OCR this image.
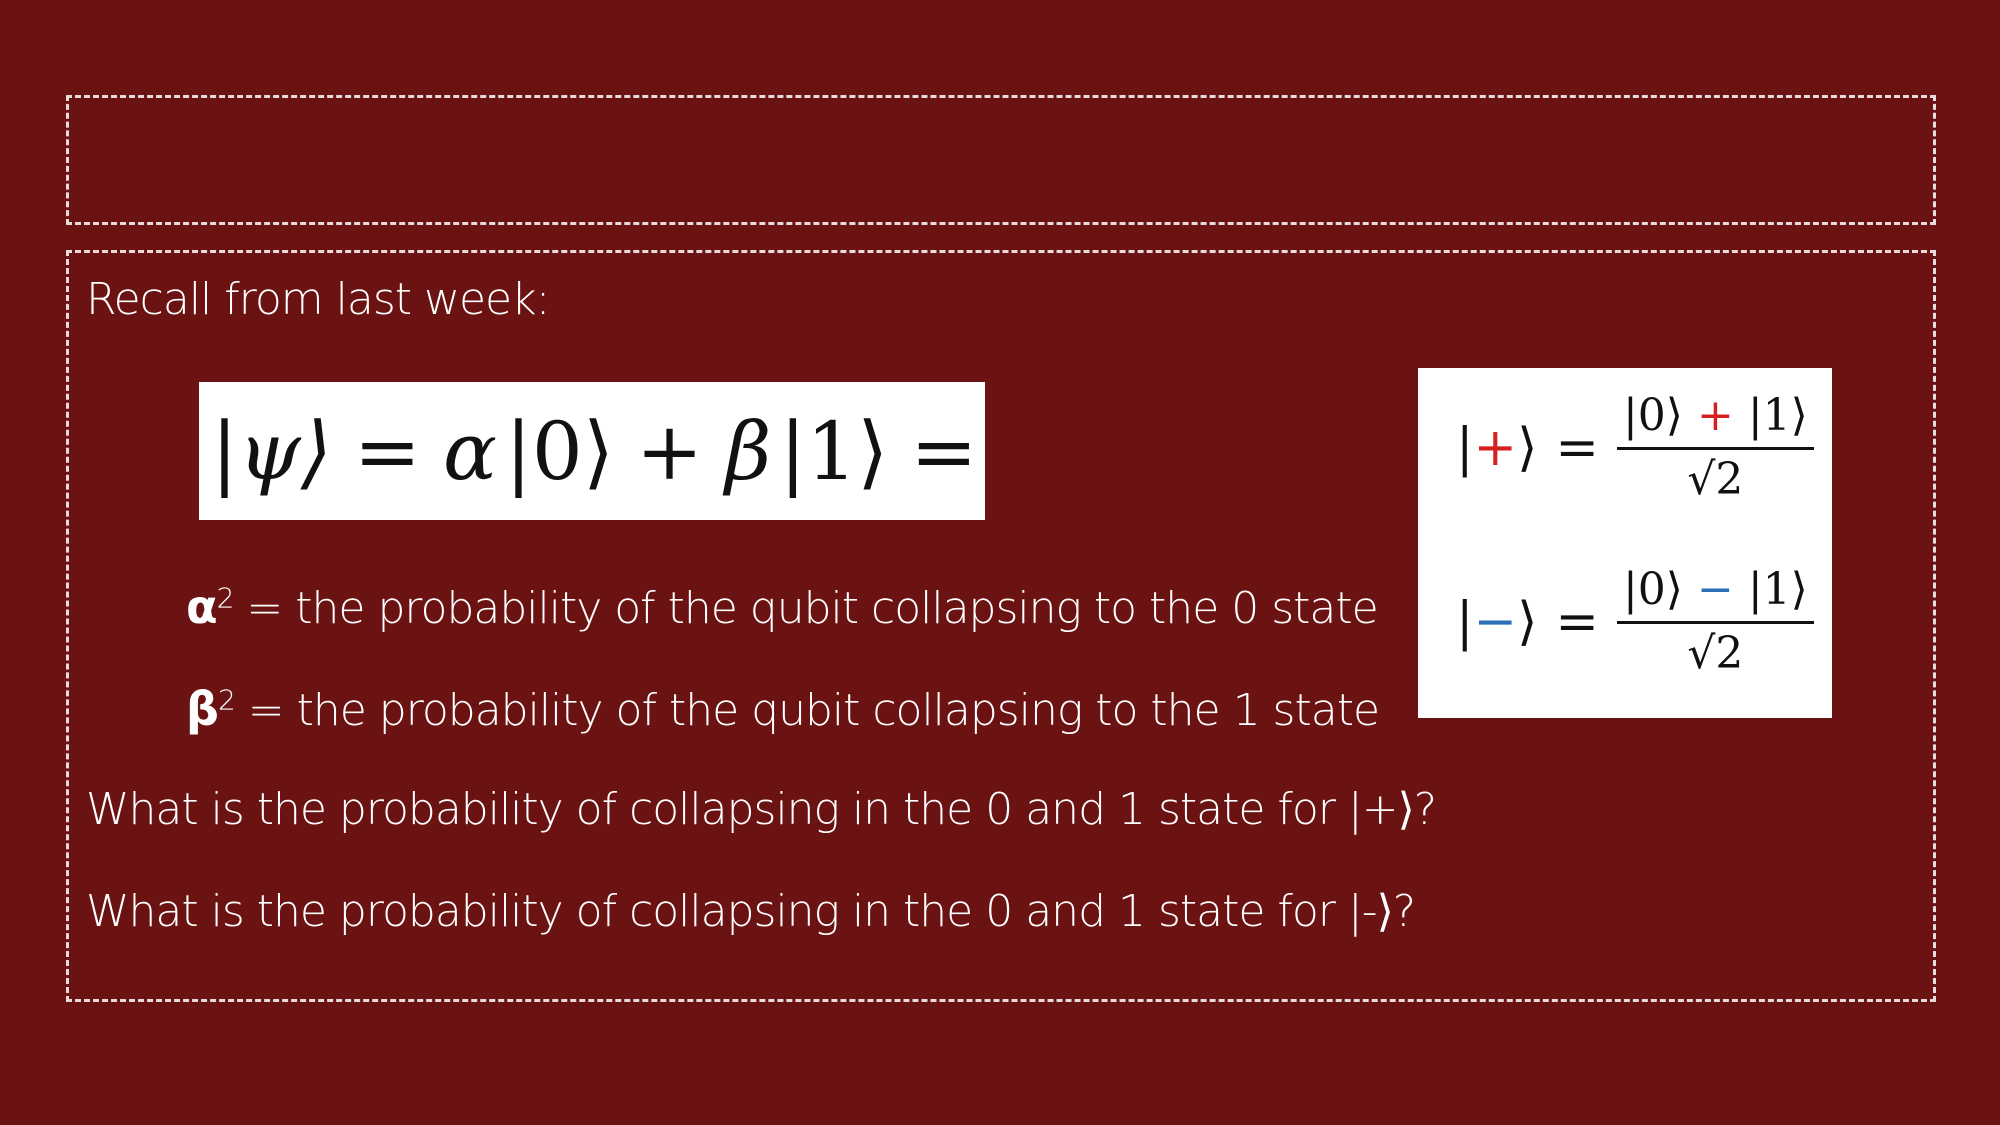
Recall from last week:
|ψ⟩ = α |0⟩ + β |1⟩ =
$\alpha^2$ = the probability of the qubit collapsing to the 0 state
$\beta^2$ = the probability of the qubit collapsing to the 1 state
What is the probability of collapsing in the 0 and 1 state for |+⟩?
What is the probability of collapsing in the 0 and 1 state for |-⟩?
|+⟩ = $\frac{|0⟩ + |1⟩}{√2}$
|−⟩ = $\frac{|0⟩ - |1⟩}{√2}$
